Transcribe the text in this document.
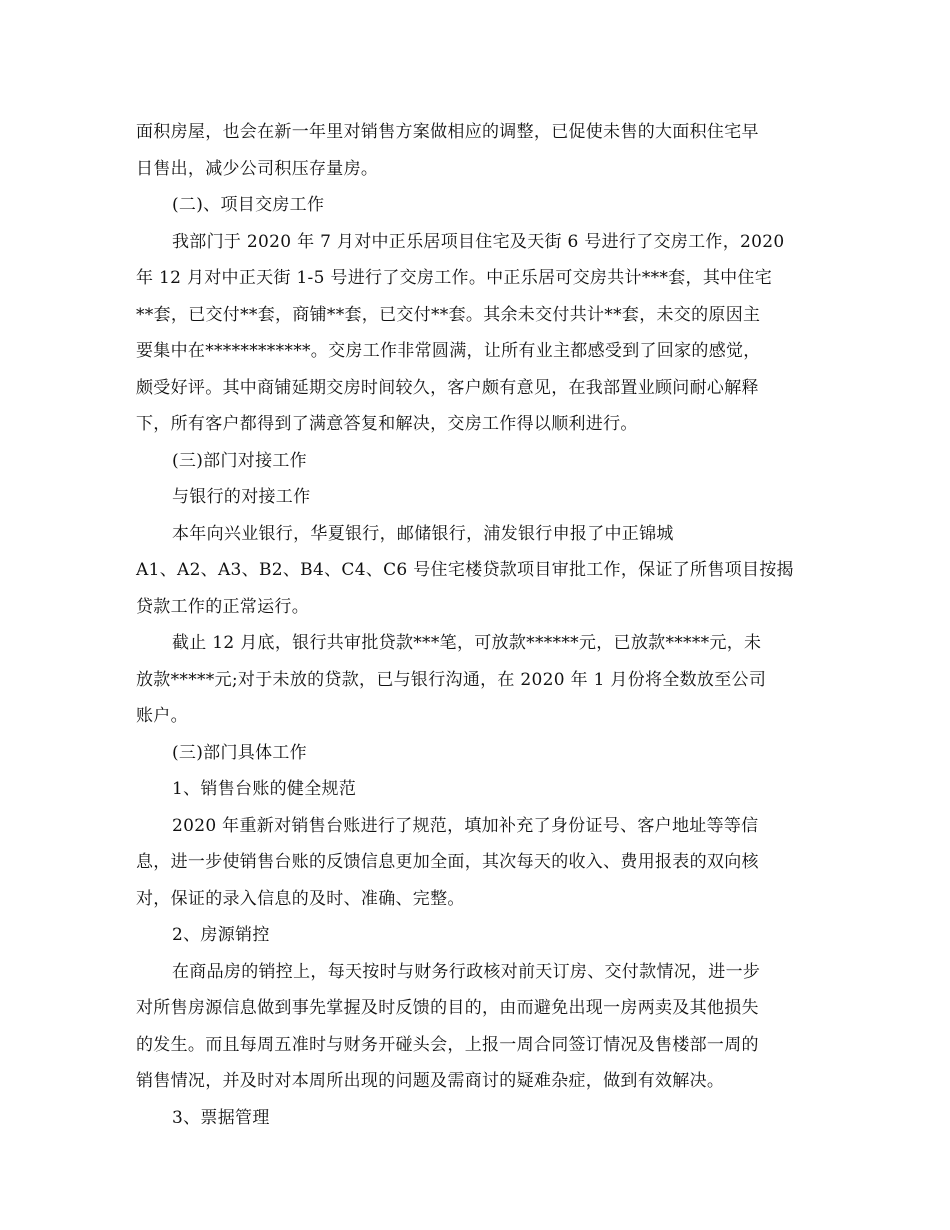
面积房屋，也会在新一年里对销售方案做相应的调整，已促使未售的大面积住宅早
日售出，减少公司积压存量房。
(二)、项目交房工作
我部门于 2020 年 7 月对中正乐居项目住宅及天街 6 号进行了交房工作，2020
年 12 月对中正天街 1-5 号进行了交房工作。中正乐居可交房共计***套，其中住宅
**套，已交付**套，商铺**套，已交付**套。其余未交付共计**套，未交的原因主
要集中在************。交房工作非常圆满，让所有业主都感受到了回家的感觉，
颇受好评。其中商铺延期交房时间较久，客户颇有意见，在我部置业顾问耐心解释
下，所有客户都得到了满意答复和解决，交房工作得以顺利进行。
(三)部门对接工作
与银行的对接工作
本年向兴业银行，华夏银行，邮储银行，浦发银行申报了中正锦城
A1、A2、A3、B2、B4、C4、C6 号住宅楼贷款项目审批工作，保证了所售项目按揭
贷款工作的正常运行。
截止 12 月底，银行共审批贷款***笔，可放款******元，已放款*****元，未
放款*****元;对于未放的贷款，已与银行沟通，在 2020 年 1 月份将全数放至公司
账户。
(三)部门具体工作
1、销售台账的健全规范
2020 年重新对销售台账进行了规范，填加补充了身份证号、客户地址等等信
息，进一步使销售台账的反馈信息更加全面，其次每天的收入、费用报表的双向核
对，保证的录入信息的及时、准确、完整。
2、房源销控
在商品房的销控上，每天按时与财务行政核对前天订房、交付款情况，进一步
对所售房源信息做到事先掌握及时反馈的目的，由而避免出现一房两卖及其他损失
的发生。而且每周五准时与财务开碰头会，上报一周合同签订情况及售楼部一周的
销售情况，并及时对本周所出现的问题及需商讨的疑难杂症，做到有效解决。
3、票据管理
